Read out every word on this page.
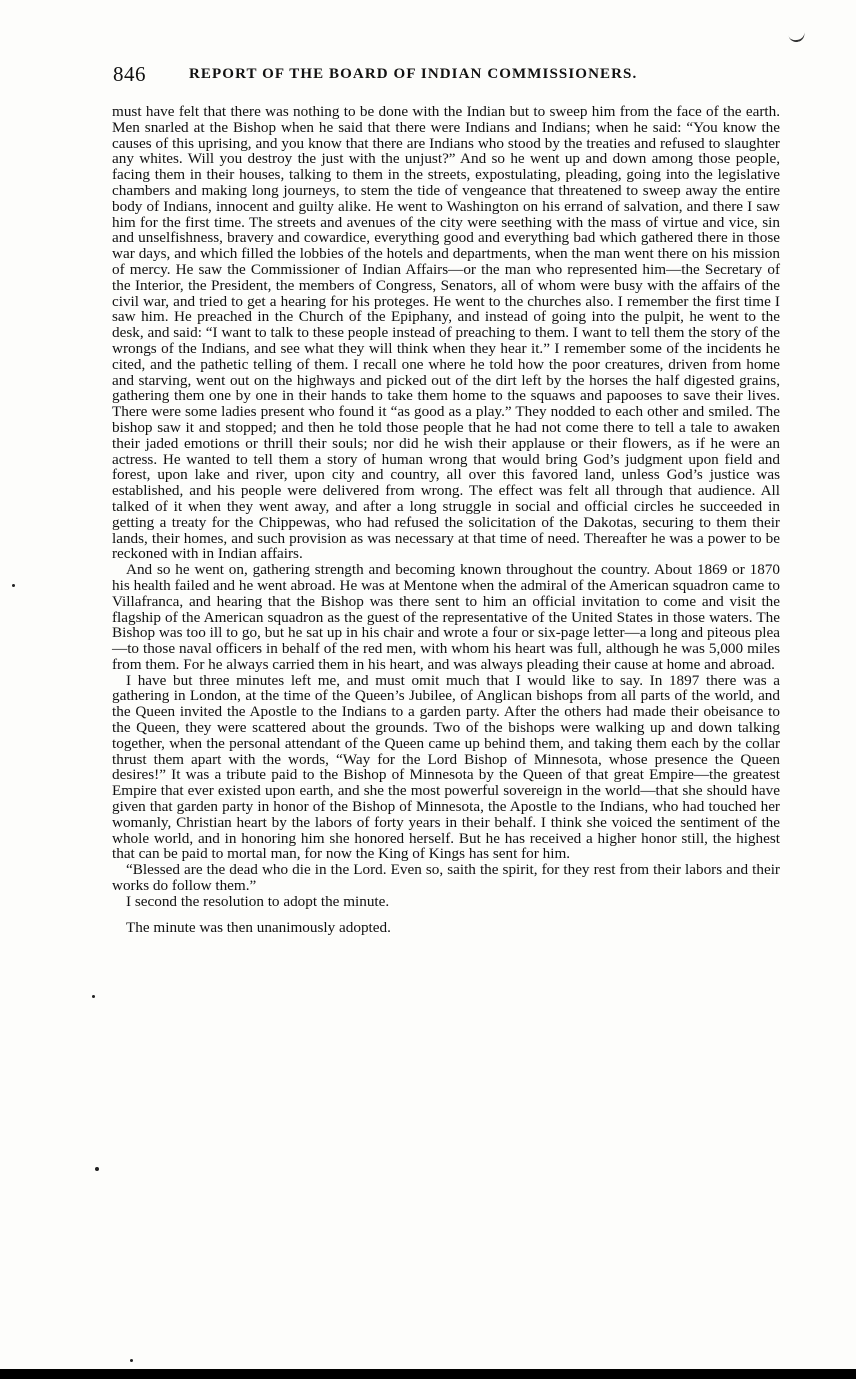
846	REPORT OF THE BOARD OF INDIAN COMMISSIONERS.

must have felt that there was nothing to be done with the Indian but to sweep him from the face of the earth. Men snarled at the Bishop when he said that there were Indians and Indians; when he said: “You know the causes of this uprising, and you know that there are Indians who stood by the treaties and refused to slaughter any whites. Will you destroy the just with the unjust?” And so he went up and down among those people, facing them in their houses, talking to them in the streets, expostulating, pleading, going into the legislative chambers and making long journeys, to stem the tide of vengeance that threatened to sweep away the entire body of Indians, innocent and guilty alike. He went to Washington on his errand of salvation, and there I saw him for the first time. The streets and avenues of the city were seething with the mass of virtue and vice, sin and unselfishness, bravery and cowardice, everything good and everything bad which gathered there in those war days, and which filled the lobbies of the hotels and departments, when the man went there on his mission of mercy. He saw the Commissioner of Indian Affairs—or the man who represented him—the Secretary of the Interior, the President, the members of Congress, Senators, all of whom were busy with the affairs of the civil war, and tried to get a hearing for his proteges. He went to the churches also. I remember the first time I saw him. He preached in the Church of the Epiphany, and instead of going into the pulpit, he went to the desk, and said: “I want to talk to these people instead of preaching to them. I want to tell them the story of the wrongs of the Indians, and see what they will think when they hear it.” I remember some of the incidents he cited, and the pathetic telling of them. I recall one where he told how the poor creatures, driven from home and starving, went out on the highways and picked out of the dirt left by the horses the half digested grains, gathering them one by one in their hands to take them home to the squaws and papooses to save their lives. There were some ladies present who found it “as good as a play.” They nodded to each other and smiled. The bishop saw it and stopped; and then he told those people that he had not come there to tell a tale to awaken their jaded emotions or thrill their souls; nor did he wish their applause or their flowers, as if he were an actress. He wanted to tell them a story of human wrong that would bring God’s judgment upon field and forest, upon lake and river, upon city and country, all over this favored land, unless God’s justice was established, and his people were delivered from wrong. The effect was felt all through that audience. All talked of it when they went away, and after a long struggle in social and official circles he succeeded in getting a treaty for the Chippewas, who had refused the solicitation of the Dakotas, securing to them their lands, their homes, and such provision as was necessary at that time of need. Thereafter he was a power to be reckoned with in Indian affairs.

And so he went on, gathering strength and becoming known throughout the country. About 1869 or 1870 his health failed and he went abroad. He was at Mentone when the admiral of the American squadron came to Villafranca, and hearing that the Bishop was there sent to him an official invitation to come and visit the flagship of the American squadron as the guest of the representative of the United States in those waters. The Bishop was too ill to go, but he sat up in his chair and wrote a four or six-page letter—a long and piteous plea—to those naval officers in behalf of the red men, with whom his heart was full, although he was 5,000 miles from them. For he always carried them in his heart, and was always pleading their cause at home and abroad.

I have but three minutes left me, and must omit much that I would like to say. In 1897 there was a gathering in London, at the time of the Queen’s Jubilee, of Anglican bishops from all parts of the world, and the Queen invited the Apostle to the Indians to a garden party. After the others had made their obeisance to the Queen, they were scattered about the grounds. Two of the bishops were walking up and down talking together, when the personal attendant of the Queen came up behind them, and taking them each by the collar thrust them apart with the words, “Way for the Lord Bishop of Minnesota, whose presence the Queen desires!” It was a tribute paid to the Bishop of Minnesota by the Queen of that great Empire—the greatest Empire that ever existed upon earth, and she the most powerful sovereign in the world—that she should have given that garden party in honor of the Bishop of Minnesota, the Apostle to the Indians, who had touched her womanly, Christian heart by the labors of forty years in their behalf. I think she voiced the sentiment of the whole world, and in honoring him she honored herself. But he has received a higher honor still, the highest that can be paid to mortal man, for now the King of Kings has sent for him.

“Blessed are the dead who die in the Lord. Even so, saith the spirit, for they rest from their labors and their works do follow them.”

I second the resolution to adopt the minute.

The minute was then unanimously adopted.
